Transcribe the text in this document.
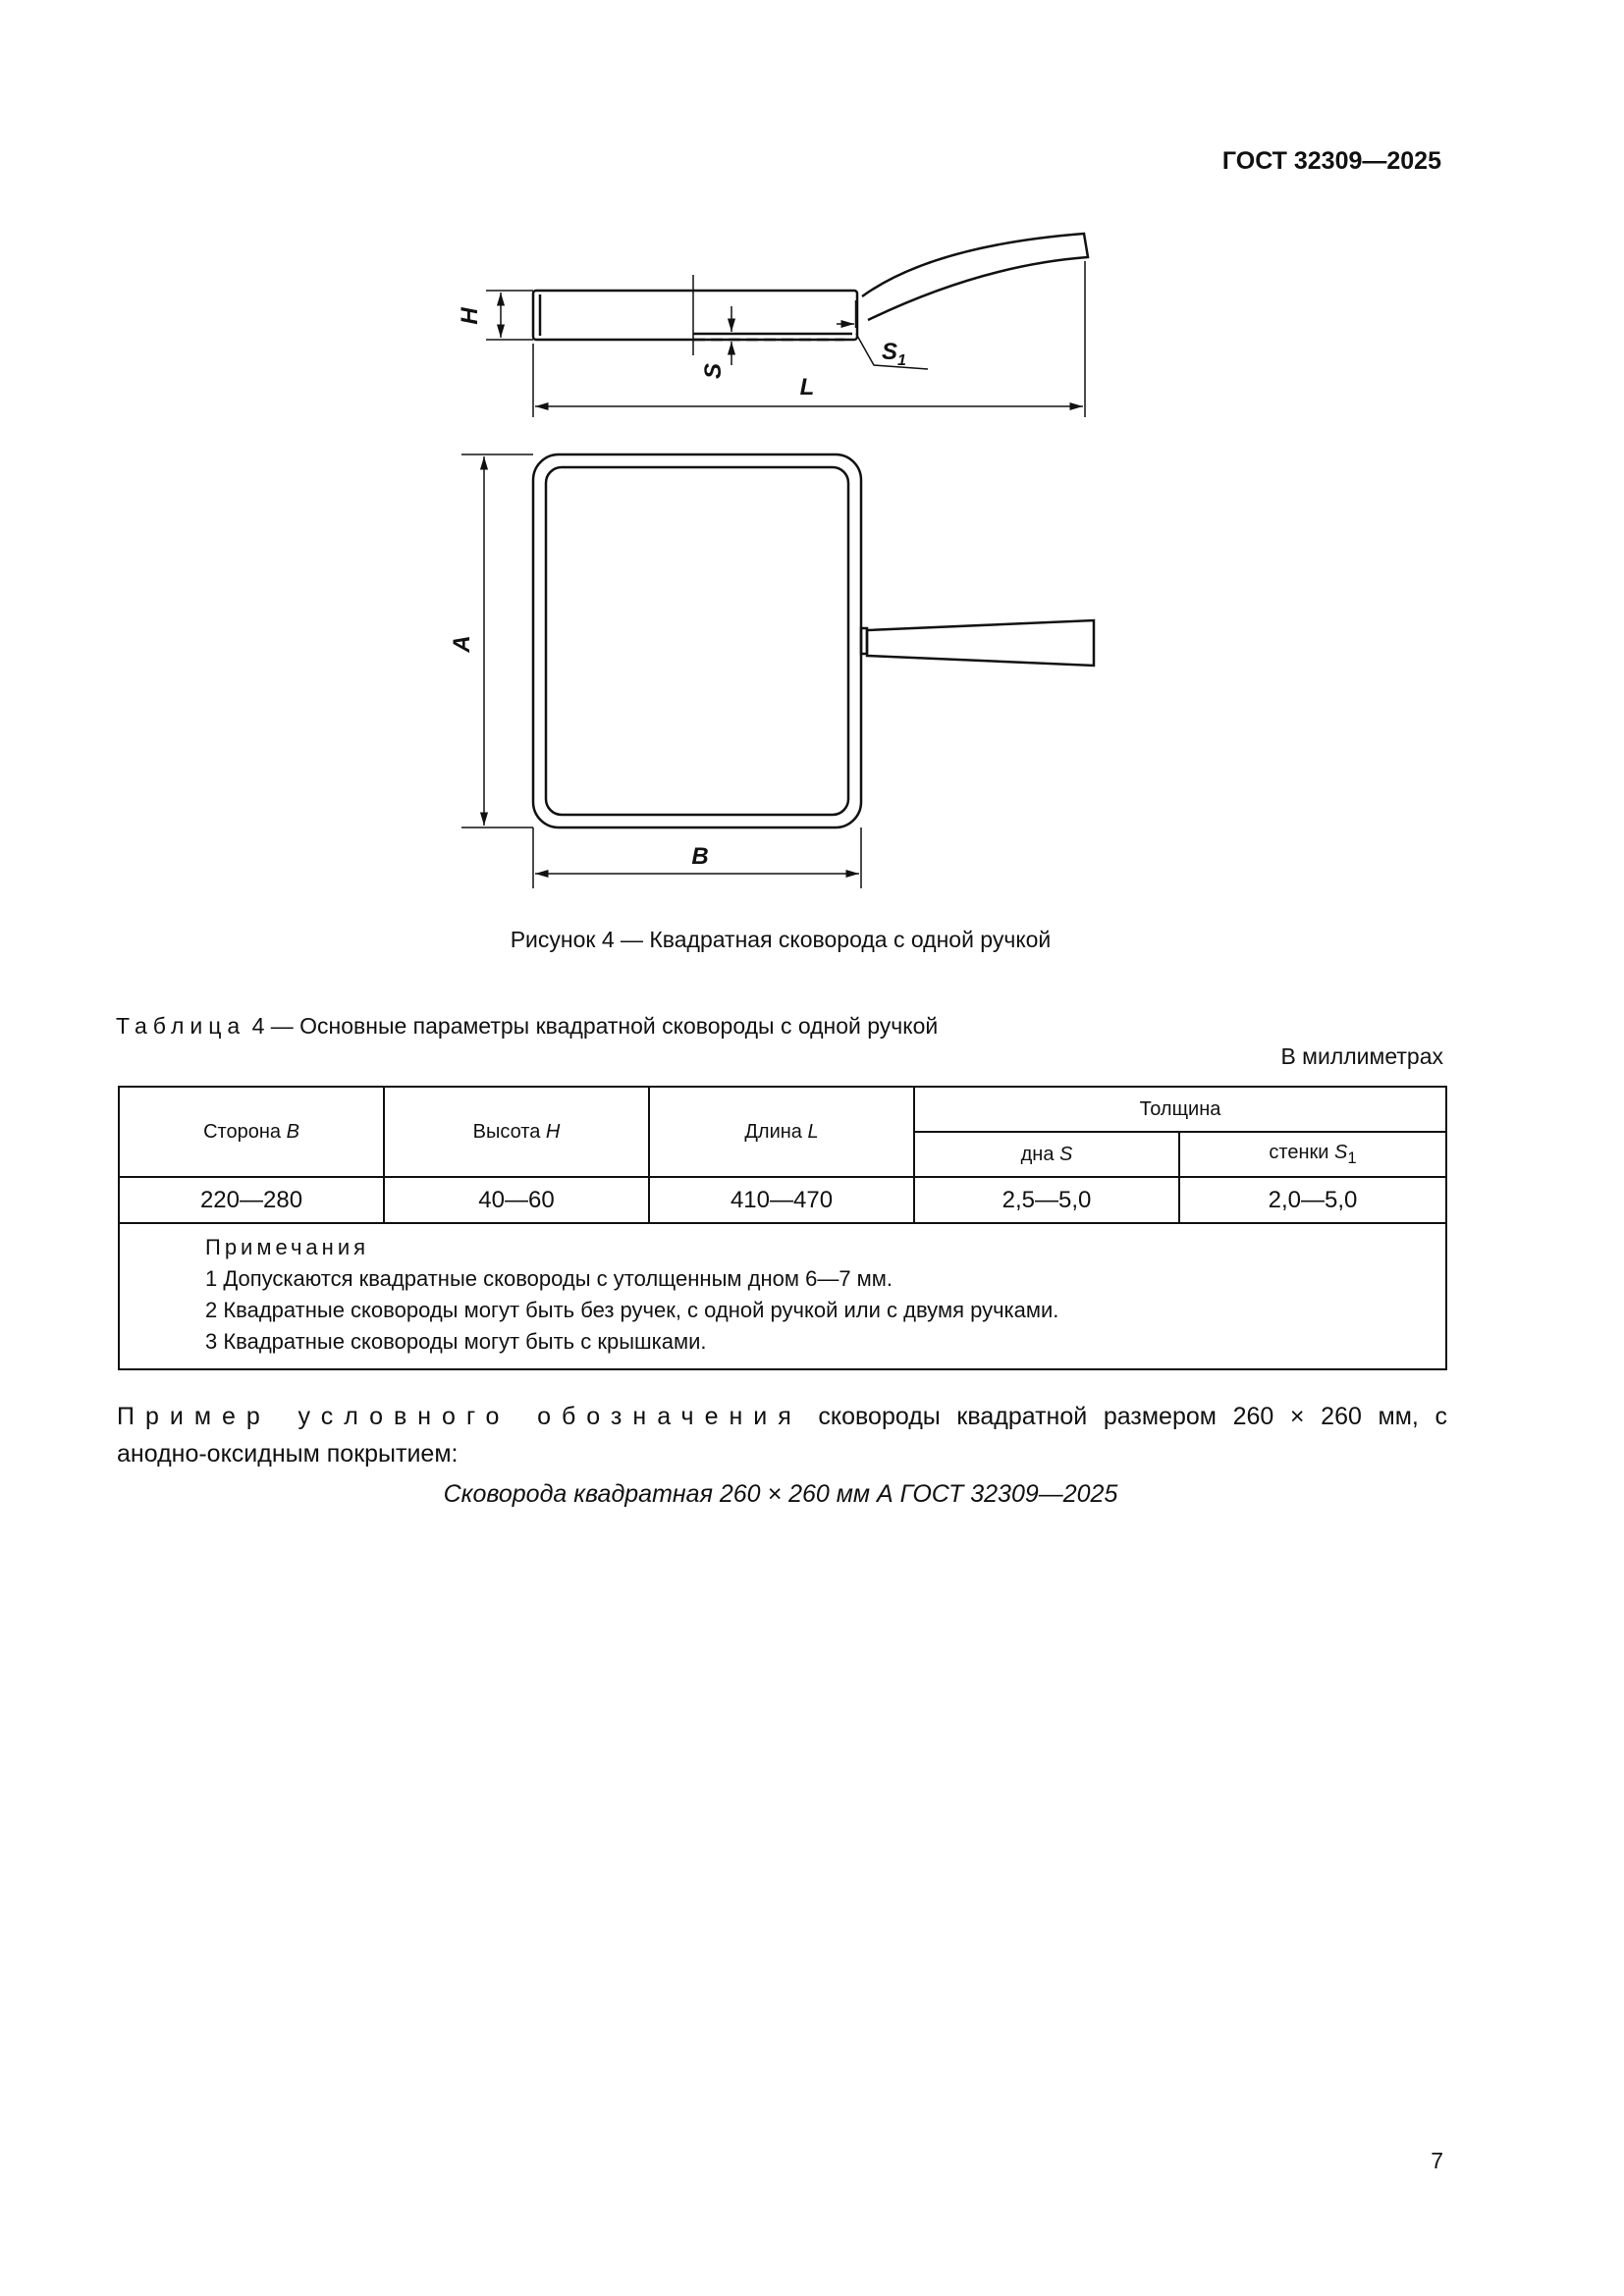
ГОСТ 32309—2025
H
S
$S_1$
L
A
B
Рисунок 4 — Квадратная сковорода с одной ручкой
Таблица 4 — Основные параметры квадратной сковороды с одной ручкой
В миллиметрах
Сторона B	Высота H	Длина L	Толщина	
			дна S	стенки $S_1$
220—280	40—60	410—470	2,5—5,0	2,0—5,0

Примечания
1 Допускаются квадратные сковороды с утолщенным дном 6—7 мм.
2 Квадратные сковороды могут быть без ручек, с одной ручкой или с двумя ручками.
3 Квадратные сковороды могут быть с крышками.				
Пример условного обозначения сковороды квадратной размером 260 × 260 мм, с анодно-оксидным покрытием:
Сковорода квадратная 260 × 260 мм А ГОСТ 32309—2025
7
